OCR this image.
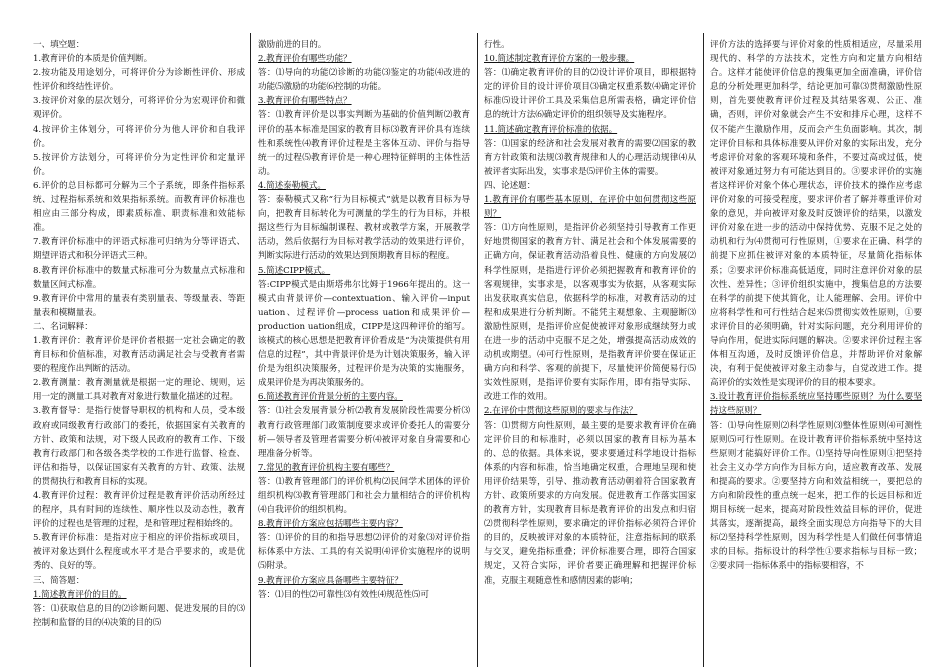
一、填空题：

1.教育评价的本质是价值判断。

2.按功能及用途划分，可将评价分为诊断性评价、形成性评价和终结性评价。

3.按评价对象的层次划分，可将评价分为宏观评价和微观评价。

4.按评价主体划分，可将评价分为他人评价和自我评价。

5.按评价方法划分，可将评价分为定性评价和定量评价。

6.评价的总目标都可分解为三个子系统，即条件指标系统、过程指标系统和效果指标系统。而教育评价标准也相应由三部分构成，即素质标准、职责标准和效能标准。

7.教育评价标准中的评语式标准可归纳为分等评语式、期望评语式和积分评语式三种。

8.教育评价标准中的数量式标准可分为数量点式标准和数量区间式标准。

9.教育评价中常用的量表有类别量表、等级量表、等距量表和模糊量表。

二、名词解释：

1.教育评价：教育评价是评价者根据一定社会确定的教育目标和价值标准，对教育活动满足社会与受教育者需要的程度作出判断的活动。

2.教育测量：教育测量就是根据一定的理论、规则，运用一定的测量工具对教育对象进行数量化描述的过程。

3.教育督导：是指行使督导职权的机构和人员，受本级政府或同级教育行政部门的委托，依据国家有关教育的方针、政策和法规，对下级人民政府的教育工作、下级教育行政部门和各级各类学校的工作进行监督、检查、评估和指导，以保证国家有关教育的方针、政策、法规的贯彻执行和教育目标的实现。

4.教育评价过程：教育评价过程是教育评价活动所经过的程序，具有时间的连续性、顺序性以及动态性，教育评价的过程也是管理的过程，是和管理过程相始终的。

5.教育评价标准：是指对应于相应的评价指标或项目，被评对象达到什么程度或水平才是合乎要求的，或是优秀的、良好的等。

三、简答题：

1.简述教育评价的目的。

答：⑴获取信息的目的⑵诊断问题、促进发展的目的⑶控制和监督的目的⑷决策的目的⑸

激励前进的目的。

2.教育评价有哪些功能？

答：⑴导向的功能⑵诊断的功能⑶鉴定的功能⑷改进的功能⑸激励的功能⑹控制的功能。

3.教育评价有哪些特点？

答：⑴教育评价是以事实判断为基础的价值判断⑵教育评价的基本标准是国家的教育目标⑶教育评价具有连续性和系统性⑷教育评价过程是主客体互动、评价与指导统一的过程⑸教育评价是一种心理特征鲜明的主体性活动。

4.简述泰勒模式。

答：泰勒模式又称“行为目标模式”就是以教育目标为导向，把教育目标转化为可测量的学生的行为目标，并根据这些行为目标编制课程、教材或教学方案，开展教学活动，然后依据行为目标对教学活动的效果进行评价，判断实际进行活动的效果达到预期教育目标的程度。

5.简述CIPP模式。

答:CIPP模式是由斯塔弗尔比姆于1966年提出的。这一模式由背景评价—contextuation、输入评价—input uation、过程评价—process uation和成果评价—production uation组成，CIPP是这四种评价的缩写。该模式的核心思想是把教育评价看成是“为决策提供有用信息的过程”，其中背景评价是为计划决策服务，输入评价是为组织决策服务，过程评价是为决策的实施服务，成果评价是为再决策服务的。

6.简述教育评价背景分析的主要内容。

答：⑴社会发展背景分析⑵教育发展阶段性需要分析⑶教育行政管理部门政策制度要求或评价委托人的需要分析—领导者及管理者需要分析⑷被评对象自身需要和心理准备分析等。

7.常见的教育评价机构主要有哪些？

答：⑴教育管理部门的评价机构⑵民间学术团体的评价组织机构⑶教育管理部门和社会力量相结合的评价机构⑷自我评价的组织机构。

8.教育评价方案应包括哪些主要内容？

答：⑴评价的目的和指导思想⑵评价的对象⑶对评价指标体系中方法、工具的有关说明⑷评价实施程序的说明⑸附录。

9.教育评价方案应具备哪些主要特征？

答：⑴目的性⑵可靠性⑶有效性⑷规范性⑸可

行性。

10.简述制定教育评价方案的一般步骤。

答：⑴确定教育评价的目的⑵设计评价项目，即根据特定的评价目的设计评价项目⑶确定权重系数⑷确定评价标准⑸设计评价工具及采集信息所需表格，确定评价信息的统计方法⑹确定评价的组织领导及实施程序。

11.简述确定教育评价标准的依据。

答：⑴国家的经济和社会发展对教育的需要⑵国家的教育方针政策和法规⑶教育规律和人的心理活动规律⑷从被评者实际出发，实事求是⑸评价主体的需要。

四、论述题：

1.教育评价有哪些基本原则，在评价中如何贯彻这些原则？

答：⑴方向性原则，是指评价必须坚持引导教育工作更好地贯彻国家的教育方针、满足社会和个体发展需要的正确方向，保证教育活动沿着良性、健康的方向发展⑵科学性原则，是指进行评价必须把握教育和教育评价的客观规律，实事求是，以客观事实为依据，从客观实际出发获取真实信息，依据科学的标准，对教育活动的过程和成果进行分析判断。不能凭主观想象、主观臆断⑶激励性原则，是指评价应促使被评对象形成继续努力或在进一步的活动中克服不足之处，增强提高活动成效的动机或期望。⑷可行性原则，是指教育评价要在保证正确方向和科学、客观的前提下，尽量使评价简便易行⑸实效性原则，是指评价要有实际作用，即有指导实际、改进工作的效用。

2.在评价中贯彻这些原则的要求与作法？

答：⑴贯彻方向性原则，最主要的是要求教育评价在确定评价目的和标准时，必须以国家的教育目标为基本的、总的依据。具体来说，要求要通过科学地设计指标体系的内容和标准，恰当地确定权重，合理地呈现和使用评价结果等，引导、推动教育活动朝着符合国家教育方针、政策所要求的方向发展。促进教育工作落实国家的教育方针，实现教育目标是教育评价的出发点和归宿⑵贯彻科学性原则，要求确定的评价指标必须符合评价的目的，反映被评对象的本质特征，注意指标间的联系与交叉，避免指标重叠；评价标准要合理，即符合国家规定，又符合实际，评价者要正确理解和把握评价标准，克服主观随意性和感情因素的影响；

评价方法的选择要与评价对象的性质相适应，尽量采用现代的、科学的方法技术，定性方向和定量方向相结合。这样才能使评价信息的搜集更加全面准确，评价信息的分析处理更加科学，结论更加可靠⑶贯彻激励性原则，首先要使教育评价过程及其结果客观、公正、准确，否则，评价对象就会产生不安和排斥心理，这样不仅不能产生激励作用，反而会产生负面影响。其次，制定评价目标和具体标准要从评价对象的实际出发，充分考虑评价对象的客观环境和条件，不要过高或过低，使被评对象通过努力有可能达到目的。③要求评价的实施者这样评价对象个体心理状态，评价技术的操作应考虑评价对象的可接受程度，要求评价者了解并尊重评价对象的意见，并向被评对象及时反馈评价的结果，以激发评价对象在进一步的活动中保持优势、克服不足之处的动机和行为⑷贯彻可行性原则，①要求在正确、科学的前提下应抓住被评对象的本质特征，尽量简化指标体系；②要求评价标准高低适度，同时注意评价对象的层次性、差异性；③评价组织实施中，搜集信息的方法要在科学的前提下使其简化，让人能理解、会用。评价中应将科学性和可行性结合起来⑸贯彻实效性原则，①要求评价目的必须明确，针对实际问题，充分利用评价的导向作用，促进实际问题的解决。②要求评价过程主客体相互沟通，及时反馈评价信息，并帮助评价对象解决，有利于促使被评对象主动参与，自觉改进工作。提高评价的实效性是实现评价的目的根本要求。

3.设计教育评价指标系统应坚持哪些原则？为什么要坚持这些原则？

答：⑴导向性原则⑵科学性原则⑶整体性原则⑷可测性原则⑸可行性原则。在设计教育评价指标系统中坚持这些原则才能搞好评价工作。⑴坚持导向性原则①把坚持社会主义办学方向作为目标方向，适应教育改革、发展和提高的要求。②要坚持方向和效益相统一，要把总的方向和阶段性的重点统一起来，把工作的长远目标和近期目标统一起来，提高对阶段性效益目标的评价，促进其落实，逐渐提高，最终全面实现总方向指导下的大目标⑵坚持科学性原则，因为科学性是人们做任何事情追求的目标。指标设计的科学性①要求指标与目标一致；②要求同一指标体系中的指标要相容，不
